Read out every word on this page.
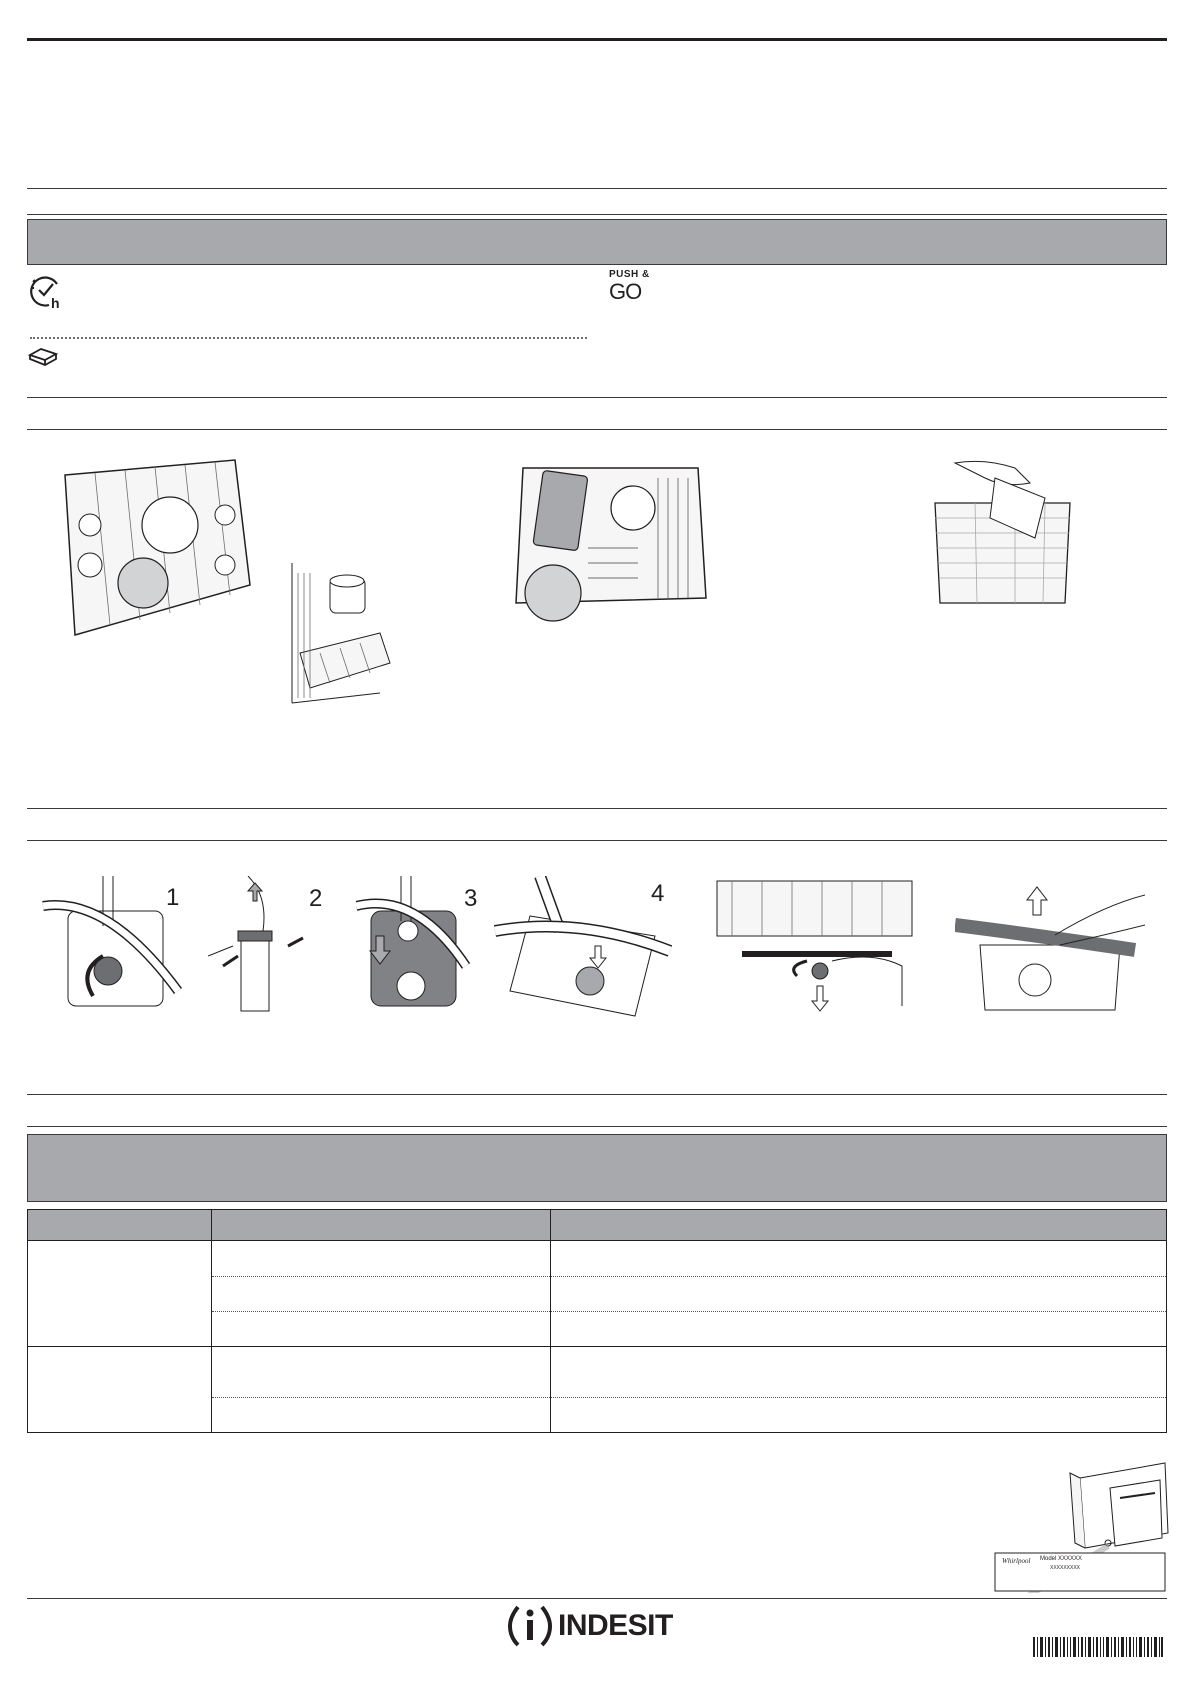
h
PUSH &
GO
1	2	3	4

Whirlpool Model XXXXXX
XXXXXXXXX
INDESIT
